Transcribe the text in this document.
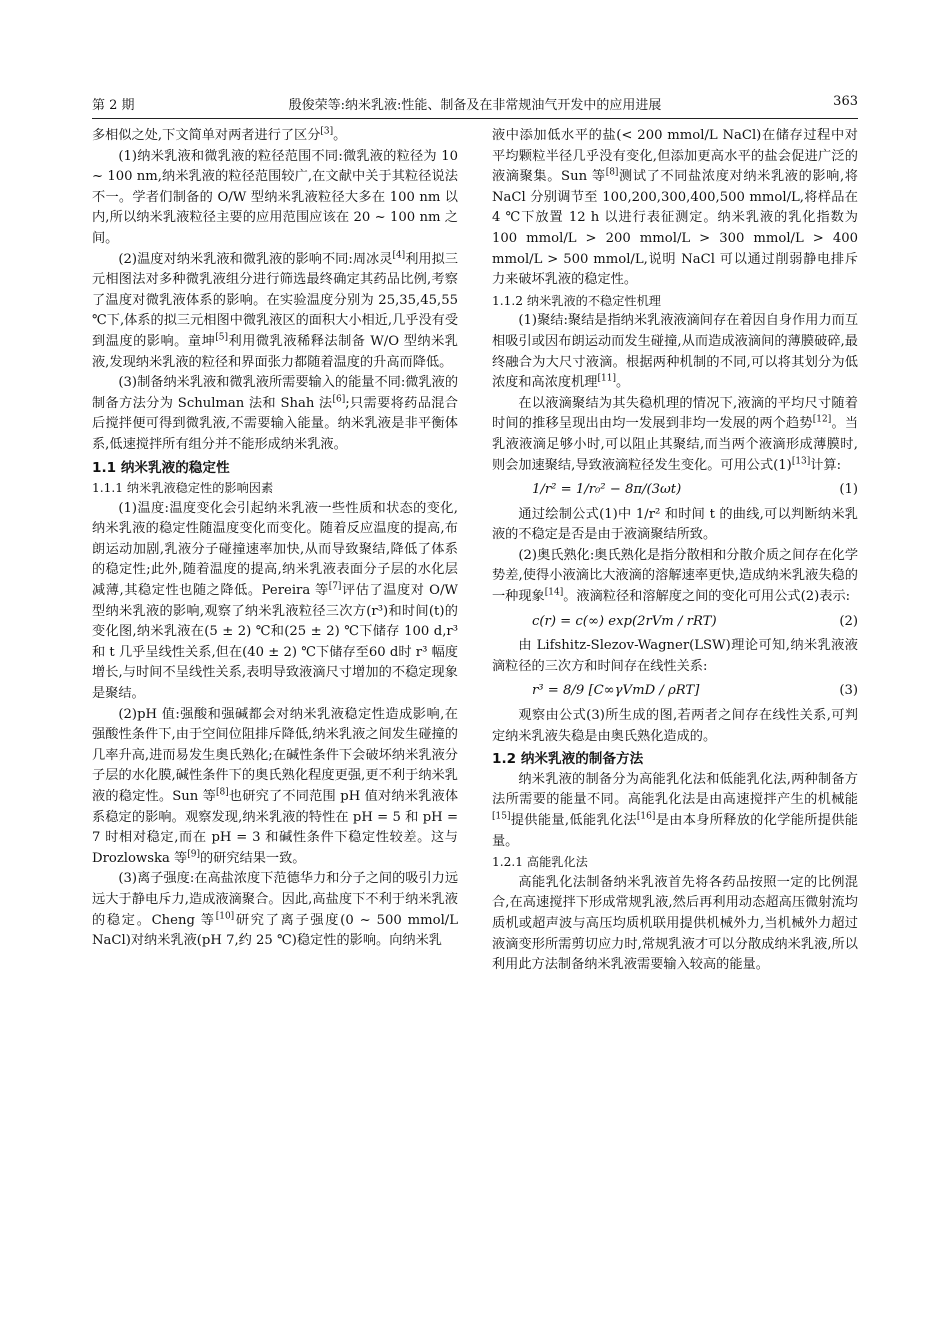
第 2 期	殷俊荣等:纳米乳液:性能、制备及在非常规油气开发中的应用进展	363

多相似之处,下文简单对两者进行了区分[3]。

(1)纳米乳液和微乳液的粒径范围不同:微乳液的粒径为 10 ~ 100 nm,纳米乳液的粒径范围较广,在文献中关于其粒径说法不一。学者们制备的 O/W 型纳米乳液粒径大多在 100 nm 以内,所以纳米乳液粒径主要的应用范围应该在 20 ~ 100 nm 之间。

(2)温度对纳米乳液和微乳液的影响不同:周冰灵[4]利用拟三元相图法对多种微乳液组分进行筛选最终确定其药品比例,考察了温度对微乳液体系的影响。在实验温度分别为 25,35,45,55 ℃下,体系的拟三元相图中微乳液区的面积大小相近,几乎没有受到温度的影响。童坤[5]利用微乳液稀释法制备 W/O 型纳米乳液,发现纳米乳液的粒径和界面张力都随着温度的升高而降低。

(3)制备纳米乳液和微乳液所需要输入的能量不同:微乳液的制备方法分为 Schulman 法和 Shah 法[6];只需要将药品混合后搅拌便可得到微乳液,不需要输入能量。纳米乳液是非平衡体系,低速搅拌所有组分并不能形成纳米乳液。

1.1 纳米乳液的稳定性
1.1.1 纳米乳液稳定性的影响因素

(1)温度:温度变化会引起纳米乳液一些性质和状态的变化,纳米乳液的稳定性随温度变化而变化。随着反应温度的提高,布朗运动加剧,乳液分子碰撞速率加快,从而导致聚结,降低了体系的稳定性;此外,随着温度的提高,纳米乳液表面分子层的水化层减薄,其稳定性也随之降低。Pereira 等[7]评估了温度对 O/W 型纳米乳液的影响,观察了纳米乳液粒径三次方(r³)和时间(t)的变化图,纳米乳液在(5 ± 2) ℃和(25 ± 2) ℃下储存 100 d,r³ 和 t 几乎呈线性关系,但在(40 ± 2) ℃下储存至60 d时 r³ 幅度增长,与时间不呈线性关系,表明导致液滴尺寸增加的不稳定现象是聚结。

(2)pH 值:强酸和强碱都会对纳米乳液稳定性造成影响,在强酸性条件下,由于空间位阻排斥降低,纳米乳液之间发生碰撞的几率升高,进而易发生奥氏熟化;在碱性条件下会破坏纳米乳液分子层的水化膜,碱性条件下的奥氏熟化程度更强,更不利于纳米乳液的稳定性。Sun 等[8]也研究了不同范围 pH 值对纳米乳液体系稳定的影响。观察发现,纳米乳液的特性在 pH = 5 和 pH = 7 时相对稳定,而在 pH = 3 和碱性条件下稳定性较差。这与 Drozlowska 等[9]的研究结果一致。

(3)离子强度:在高盐浓度下范德华力和分子之间的吸引力远远大于静电斥力,造成液滴聚合。因此,高盐度下不利于纳米乳液的稳定。Cheng 等[10]研究了离子强度(0 ~ 500 mmol/L NaCl)对纳米乳液(pH 7,约 25 ℃)稳定性的影响。向纳米乳

液中添加低水平的盐(< 200 mmol/L NaCl)在储存过程中对平均颗粒半径几乎没有变化,但添加更高水平的盐会促进广泛的液滴聚集。Sun 等[8]测试了不同盐浓度对纳米乳液的影响,将 NaCl 分别调节至 100,200,300,400,500 mmol/L,将样品在 4 ℃下放置 12 h 以进行表征测定。纳米乳液的乳化指数为 100 mmol/L > 200 mmol/L > 300 mmol/L > 400 mmol/L > 500 mmol/L,说明 NaCl 可以通过削弱静电排斥力来破坏乳液的稳定性。

1.1.2 纳米乳液的不稳定性机理

(1)聚结:聚结是指纳米乳液液滴间存在着因自身作用力而互相吸引或因布朗运动而发生碰撞,从而造成液滴间的薄膜破碎,最终融合为大尺寸液滴。根据两种机制的不同,可以将其划分为低浓度和高浓度机理[11]。

在以液滴聚结为其失稳机理的情况下,液滴的平均尺寸随着时间的推移呈现出由均一发展到非均一发展的两个趋势[12]。当乳液液滴足够小时,可以阻止其聚结,而当两个液滴形成薄膜时,则会加速聚结,导致液滴粒径发生变化。可用公式(1)[13]计算:

1/r² = 1/r₀² − 8π/(3ωt)	(1)

通过绘制公式(1)中 1/r² 和时间 t 的曲线,可以判断纳米乳液的不稳定是否是由于液滴聚结所致。

(2)奥氏熟化:奥氏熟化是指分散相和分散介质之间存在化学势差,使得小液滴比大液滴的溶解速率更快,造成纳米乳液失稳的一种现象[14]。液滴粒径和溶解度之间的变化可用公式(2)表示:

c(r) = c(∞) exp(2rVm / rRT)	(2)

由 Lifshitz-Slezov-Wagner(LSW)理论可知,纳米乳液液滴粒径的三次方和时间存在线性关系:

r³ = 8/9 [C∞γVmD / ρRT]	(3)

观察由公式(3)所生成的图,若两者之间存在线性关系,可判定纳米乳液失稳是由奥氏熟化造成的。

1.2 纳米乳液的制备方法

纳米乳液的制备分为高能乳化法和低能乳化法,两种制备方法所需要的能量不同。高能乳化法是由高速搅拌产生的机械能[15]提供能量,低能乳化法[16]是由本身所释放的化学能所提供能量。

1.2.1 高能乳化法

高能乳化法制备纳米乳液首先将各药品按照一定的比例混合,在高速搅拌下形成常规乳液,然后再利用动态超高压微射流均质机或超声波与高压均质机联用提供机械外力,当机械外力超过液滴变形所需剪切应力时,常规乳液才可以分散成纳米乳液,所以利用此方法制备纳米乳液需要输入较高的能量。
